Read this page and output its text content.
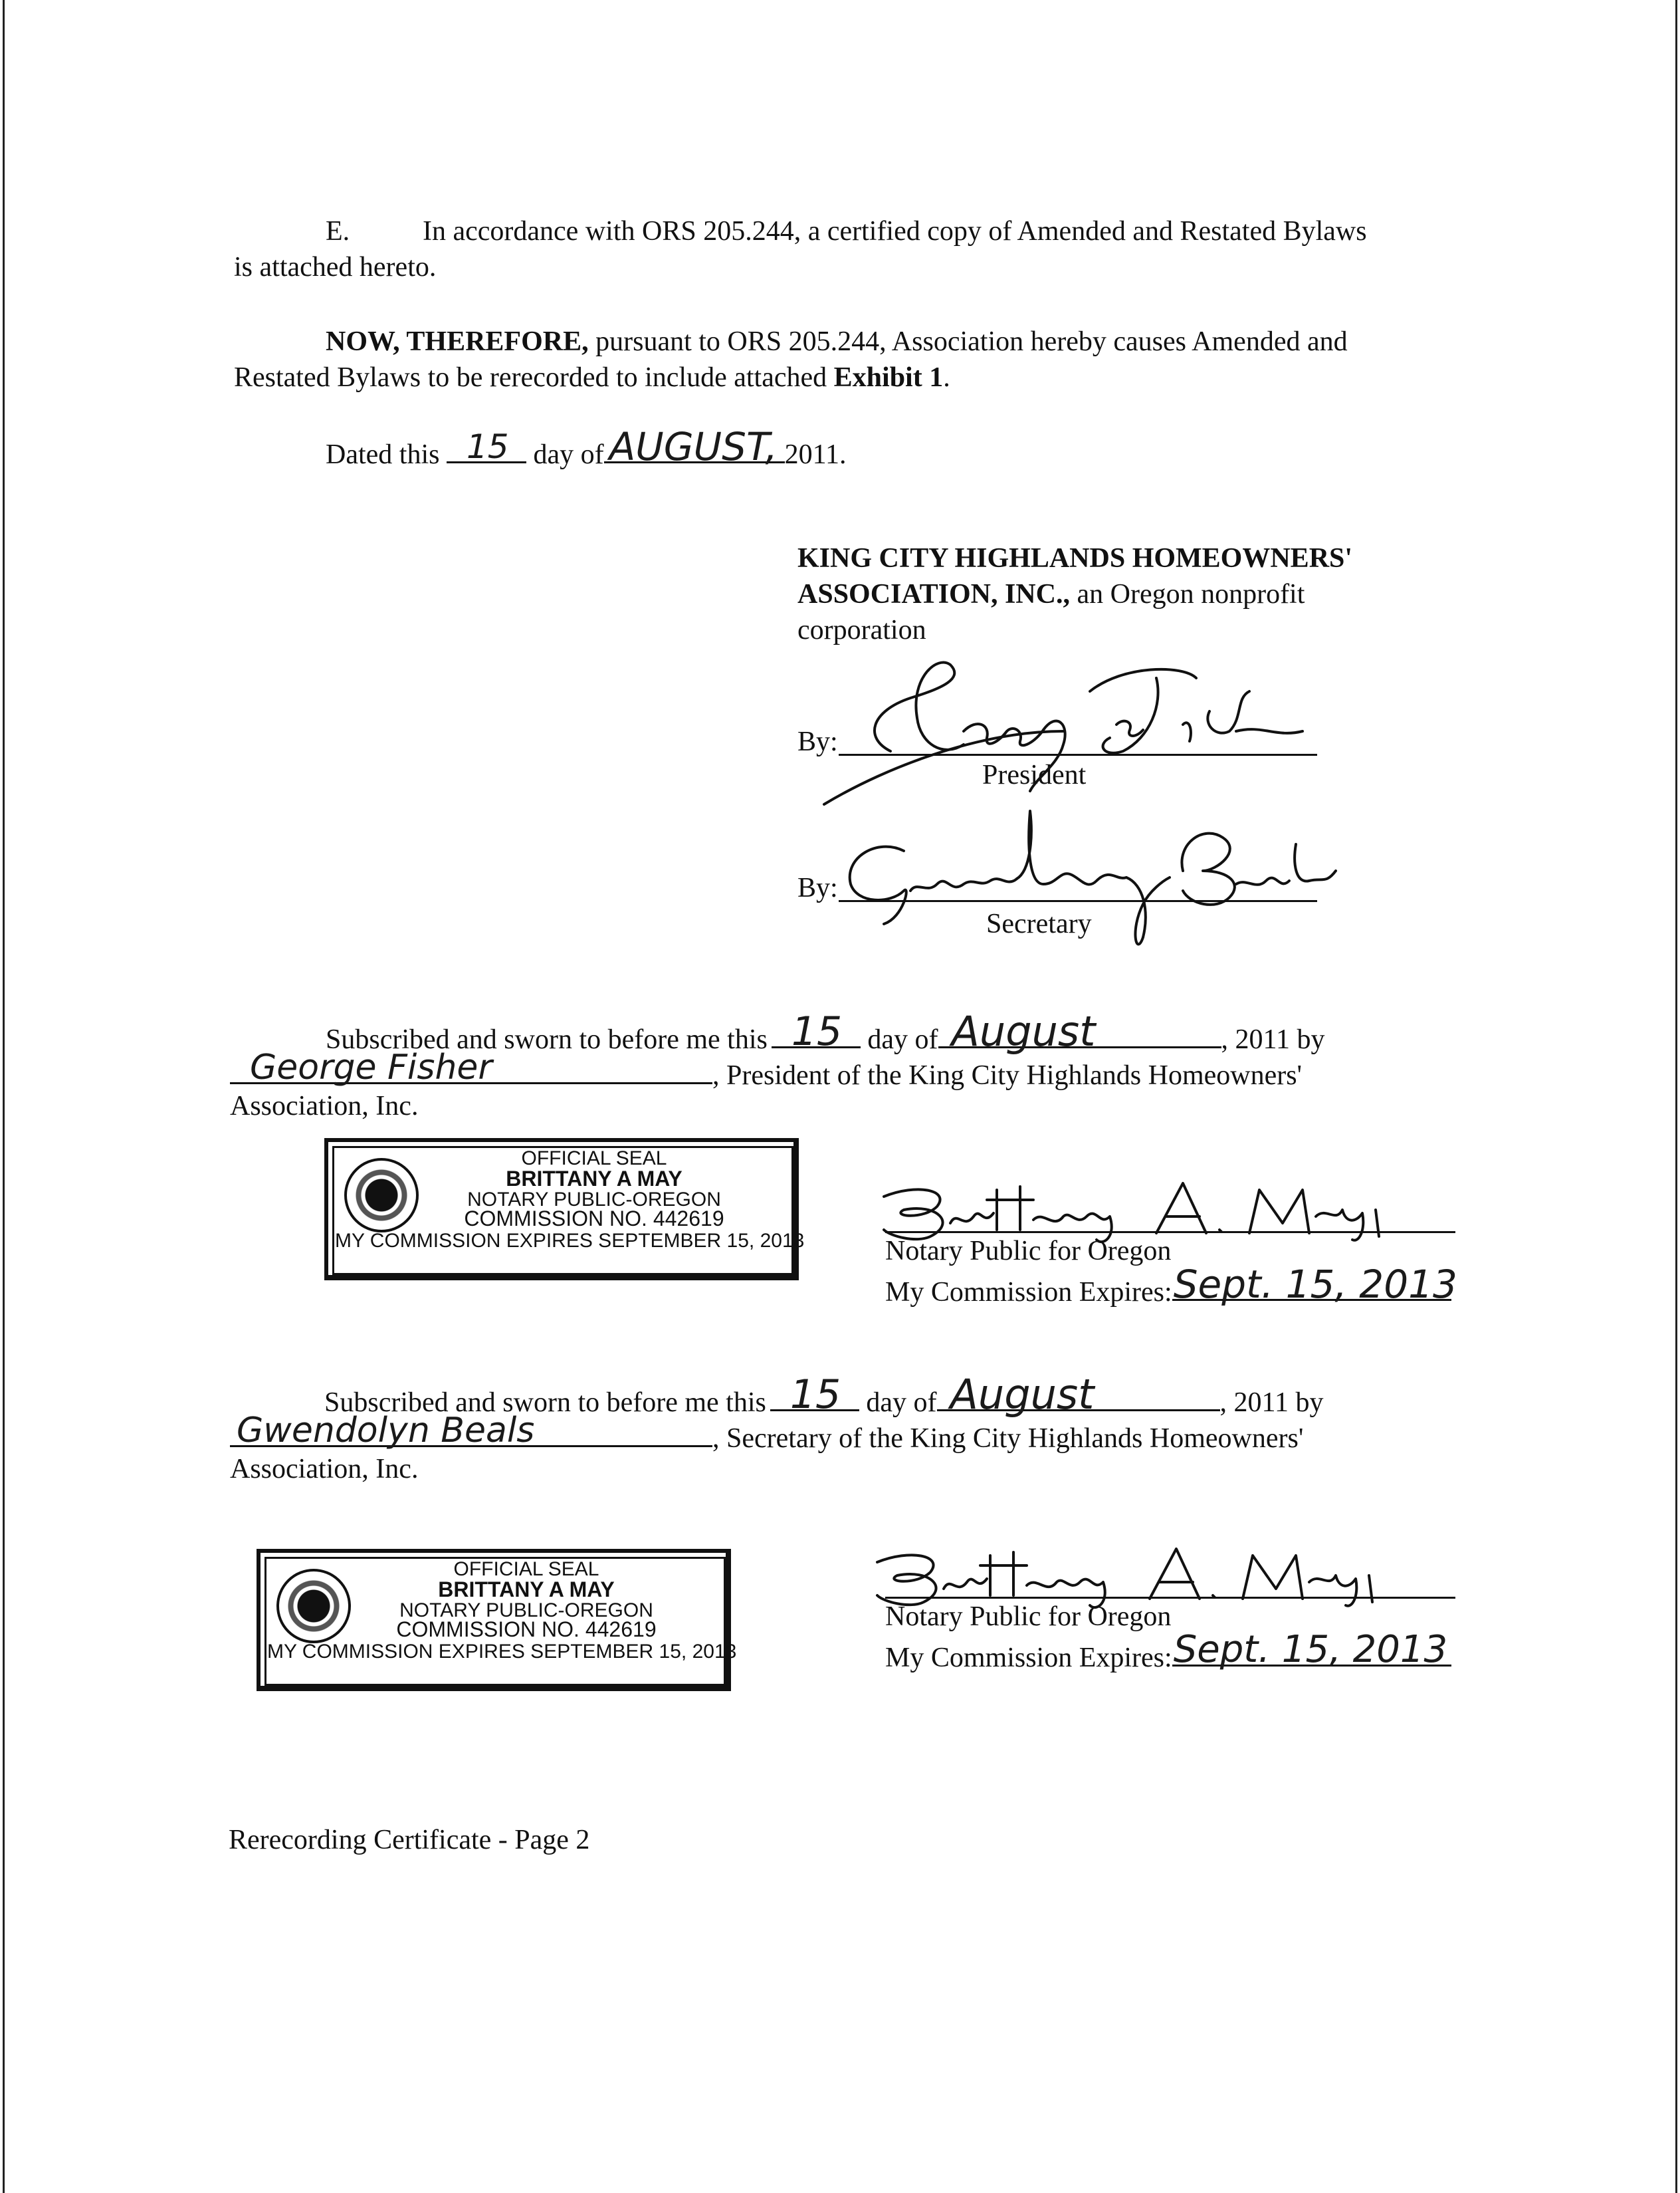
E.	In accordance with ORS 205.244, a certified copy of Amended and Restated Bylaws
is attached hereto.
NOW, THEREFORE, pursuant to ORS 205.244, Association hereby causes Amended and
Restated Bylaws to be rerecorded to include attached Exhibit 1.
Dated this 15 day of AUGUST, 2011.
KING CITY HIGHLANDS HOMEOWNERS'
ASSOCIATION, INC., an Oregon nonprofit
corporation
By:
President
By:
Secretary
Subscribed and sworn to before me this 15 day of August	, 2011 by
George Fisher	, President of the King City Highlands Homeowners'
Association, Inc.
OFFICIAL SEAL
BRITTANY A MAY
NOTARY PUBLIC-OREGON
COMMISSION NO. 442619
MY COMMISSION EXPIRES SEPTEMBER 15, 2013	Notary Public for Oregon
My Commission Expires: Sept. 15, 2013
Subscribed and sworn to before me this 15 day of August	, 2011 by
Gwendolyn Beals	, Secretary of the King City Highlands Homeowners'
Association, Inc.
OFFICIAL SEAL
BRITTANY A MAY
NOTARY PUBLIC-OREGON
COMMISSION NO. 442619
MY COMMISSION EXPIRES SEPTEMBER 15, 2013
Notary Public for Oregon
My Commission Expires: Sept. 15, 2013
Rerecording Certificate - Page 2
